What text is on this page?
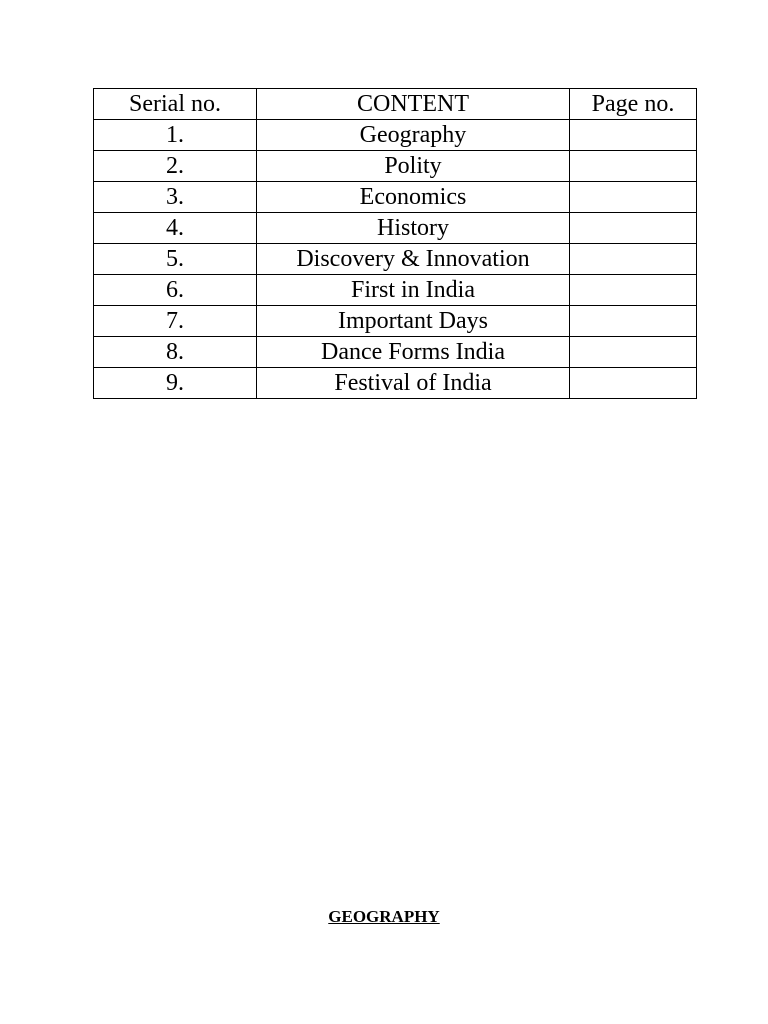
Serial no.	CONTENT	Page no.
1.	Geography	
2.	Polity	
3.	Economics	
4.	History	
5.	Discovery & Innovation	
6.	First in India	
7.	Important Days	
8.	Dance Forms India	
9.	Festival of India	
GEOGRAPHY
